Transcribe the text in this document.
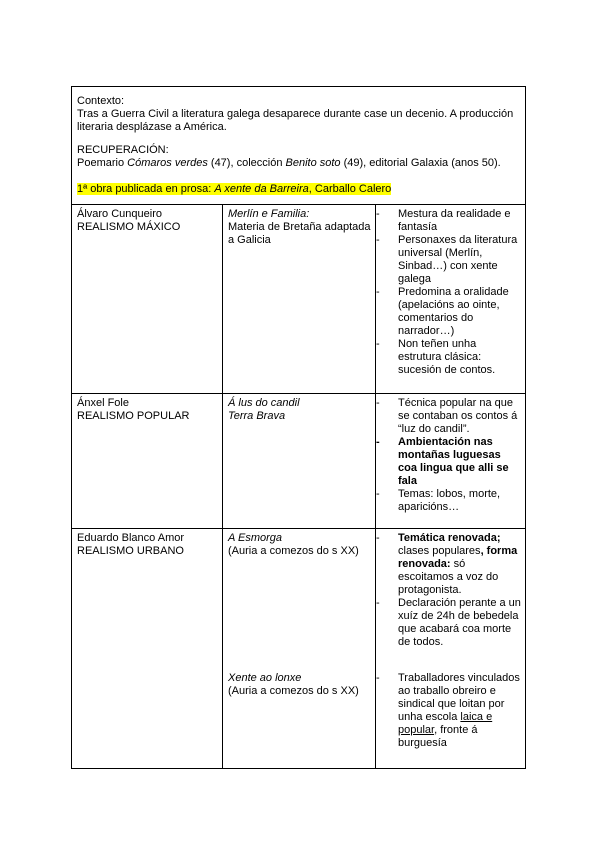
Contexto:
Tras a Guerra Civil a literatura galega desaparece durante case un decenio. A producción literaria desplázase a América.
RECUPERACIÓN:
Poemario Cómaros verdes (47), colección Benito soto (49), editorial Galaxia (anos 50).
1ª obra publicada en prosa: A xente da Barreira, Carballo Calero
Álvaro Cunqueiro
REALISMO MÁXICO
Merlín e Familia:
Materia de Bretaña adaptada a Galicia
- Mestura da realidade e fantasía
- Personaxes da literatura universal (Merlín, Sinbad…) con xente galega
- Predomina a oralidade (apelacións ao ointe, comentarios do narrador…)
- Non teñen unha estrutura clásica: sucesión de contos.
Ánxel Fole
REALISMO POPULAR
Á lus do candil
Terra Brava
- Técnica popular na que se contaban os contos á “luz do candil”.
- Ambientación nas montañas luguesas coa lingua que alli se fala
- Temas: lobos, morte, aparicións…
Eduardo Blanco Amor
REALISMO URBANO
A Esmorga
(Auria a comezos do s XX)
Xente ao lonxe
(Auria a comezos do s XX)
- Temática renovada; clases populares, forma renovada: só escoitamos a voz do protagonista.
- Declaración perante a un xuíz de 24h de bebedela que acabará coa morte de todos.
- Traballadores vinculados ao traballo obreiro e sindical que loitan por unha escola laica e popular, fronte á burguesía
